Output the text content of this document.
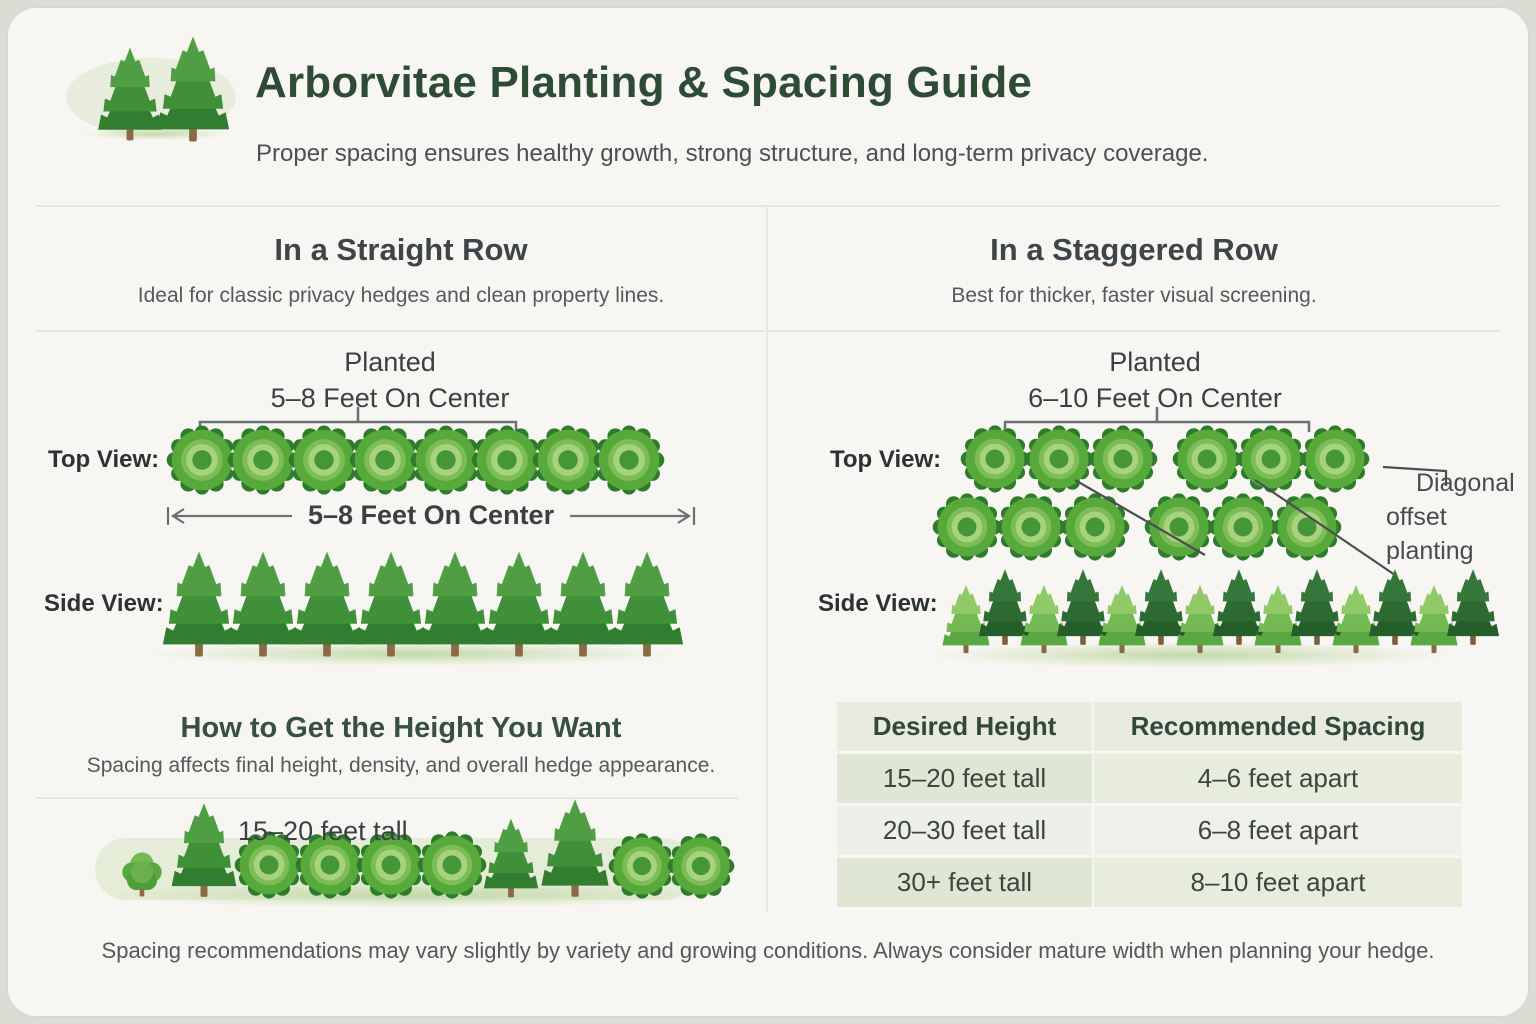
Arborvitae Planting & Spacing Guide
Proper spacing ensures healthy growth, strong structure, and long-term privacy coverage.
In a Straight Row
Ideal for classic privacy hedges and clean property lines.
Planted
5–8 Feet On Center
Top View:
5–8 Feet On Center
Side View:
How to Get the Height You Want
Spacing affects final height, density, and overall hedge appearance.
15–20 feet tall
In a Staggered Row
Best for thicker, faster visual screening.
Planted
6–10 Feet On Center
Top View:
Diagonal offset planting
Side View:
Desired Height	Recommended Spacing
15–20 feet tall	4–6 feet apart
20–30 feet tall	6–8 feet apart
30+ feet tall	8–10 feet apart
Spacing recommendations may vary slightly by variety and growing conditions. Always consider mature width when planning your hedge.
